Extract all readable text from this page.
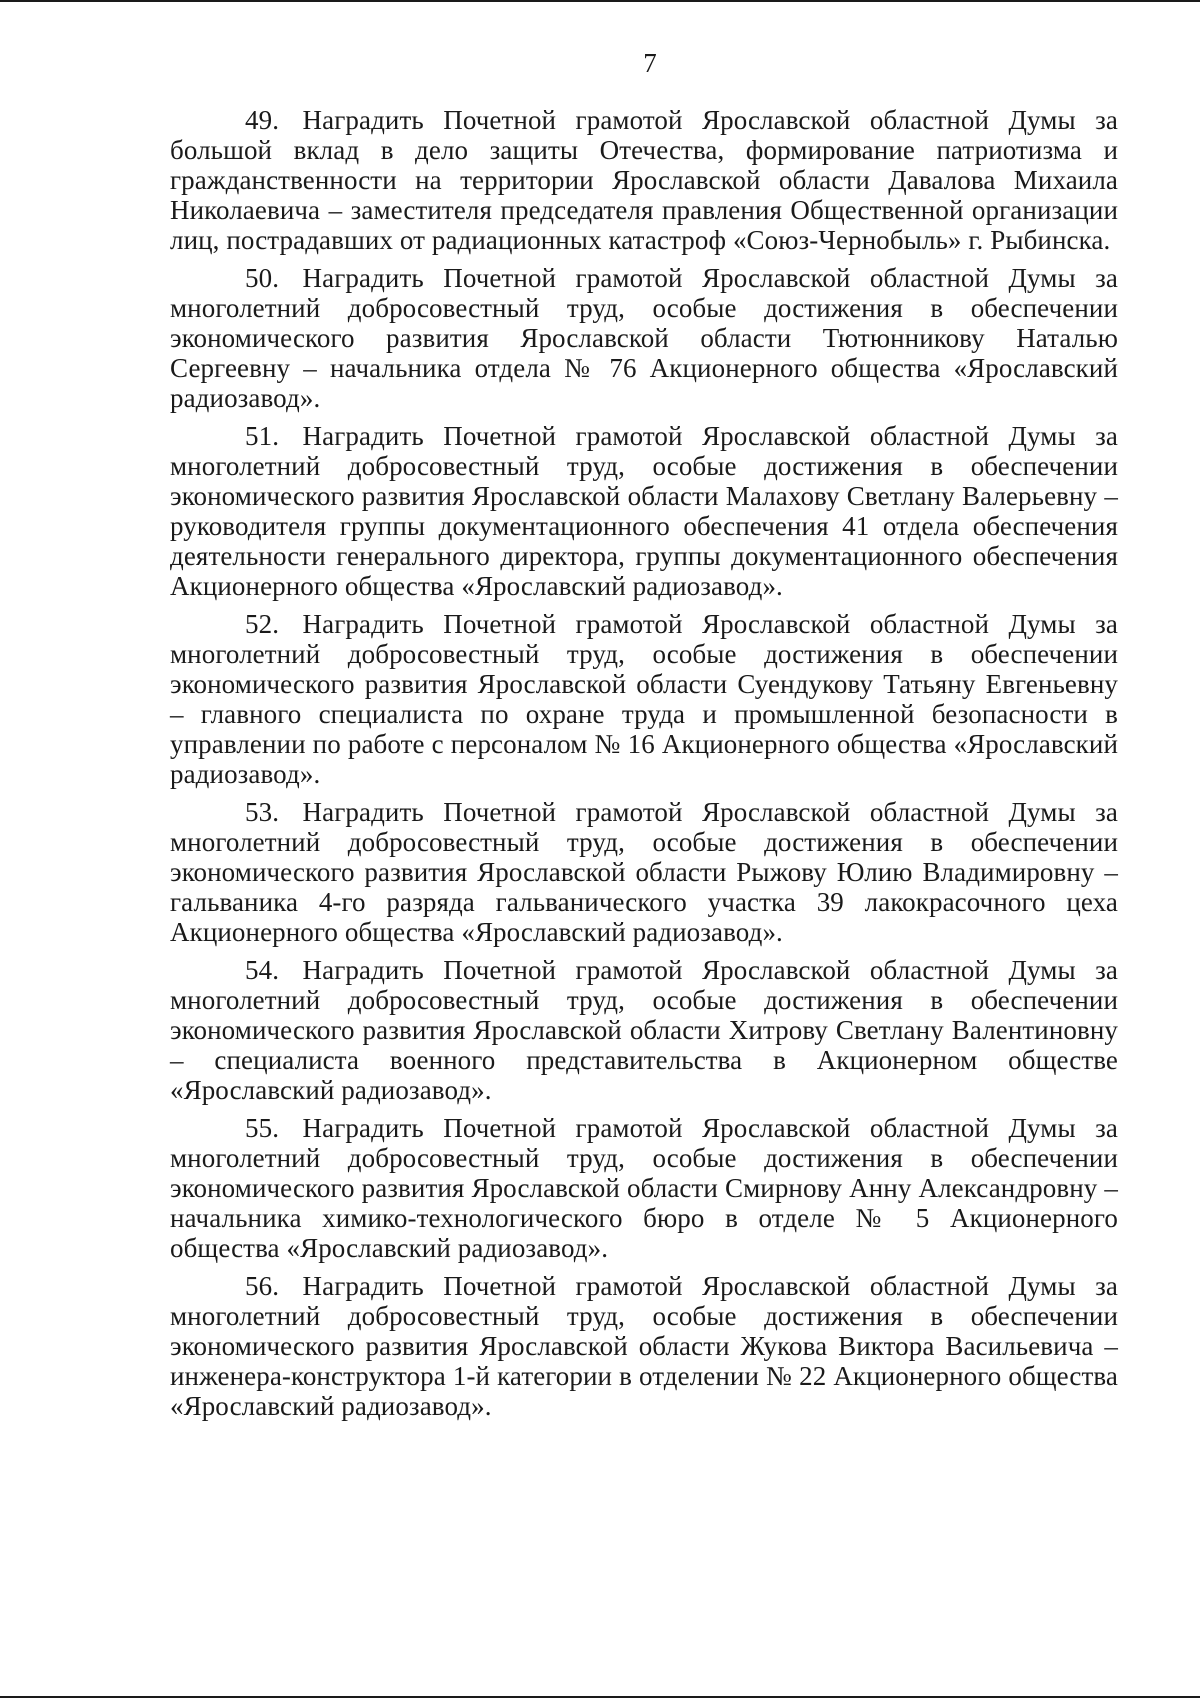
7

49. Наградить Почетной грамотой Ярославской областной Думы за большой вклад в дело защиты Отечества, формирование патриотизма и гражданственности на территории Ярославской области Давалова Михаила Николаевича – заместителя председателя правления Общественной организации лиц, пострадавших от радиационных катастроф «Союз-Чернобыль» г. Рыбинска.

50. Наградить Почетной грамотой Ярославской областной Думы за многолетний добросовестный труд, особые достижения в обеспечении экономического развития Ярославской области Тютюнникову Наталью Сергеевну – начальника отдела № 76 Акционерного общества «Ярославский радиозавод».

51. Наградить Почетной грамотой Ярославской областной Думы за многолетний добросовестный труд, особые достижения в обеспечении экономического развития Ярославской области Малахову Светлану Валерьевну – руководителя группы документационного обеспечения 41 отдела обеспечения деятельности генерального директора, группы документационного обеспечения Акционерного общества «Ярославский радиозавод».

52. Наградить Почетной грамотой Ярославской областной Думы за многолетний добросовестный труд, особые достижения в обеспечении экономического развития Ярославской области Суендукову Татьяну Евгеньевну – главного специалиста по охране труда и промышленной безопасности в управлении по работе с персоналом № 16 Акционерного общества «Ярославский радиозавод».

53. Наградить Почетной грамотой Ярославской областной Думы за многолетний добросовестный труд, особые достижения в обеспечении экономического развития Ярославской области Рыжову Юлию Владимировну – гальваника 4-го разряда гальванического участка 39 лакокрасочного цеха Акционерного общества «Ярославский радиозавод».

54. Наградить Почетной грамотой Ярославской областной Думы за многолетний добросовестный труд, особые достижения в обеспечении экономического развития Ярославской области Хитрову Светлану Валентиновну – специалиста военного представительства в Акционерном обществе «Ярославский радиозавод».

55. Наградить Почетной грамотой Ярославской областной Думы за многолетний добросовестный труд, особые достижения в обеспечении экономического развития Ярославской области Смирнову Анну Александровну – начальника химико-технологического бюро в отделе № 5 Акционерного общества «Ярославский радиозавод».

56. Наградить Почетной грамотой Ярославской областной Думы за многолетний добросовестный труд, особые достижения в обеспечении экономического развития Ярославской области Жукова Виктора Васильевича – инженера-конструктора 1-й категории в отделении № 22 Акционерного общества «Ярославский радиозавод».
